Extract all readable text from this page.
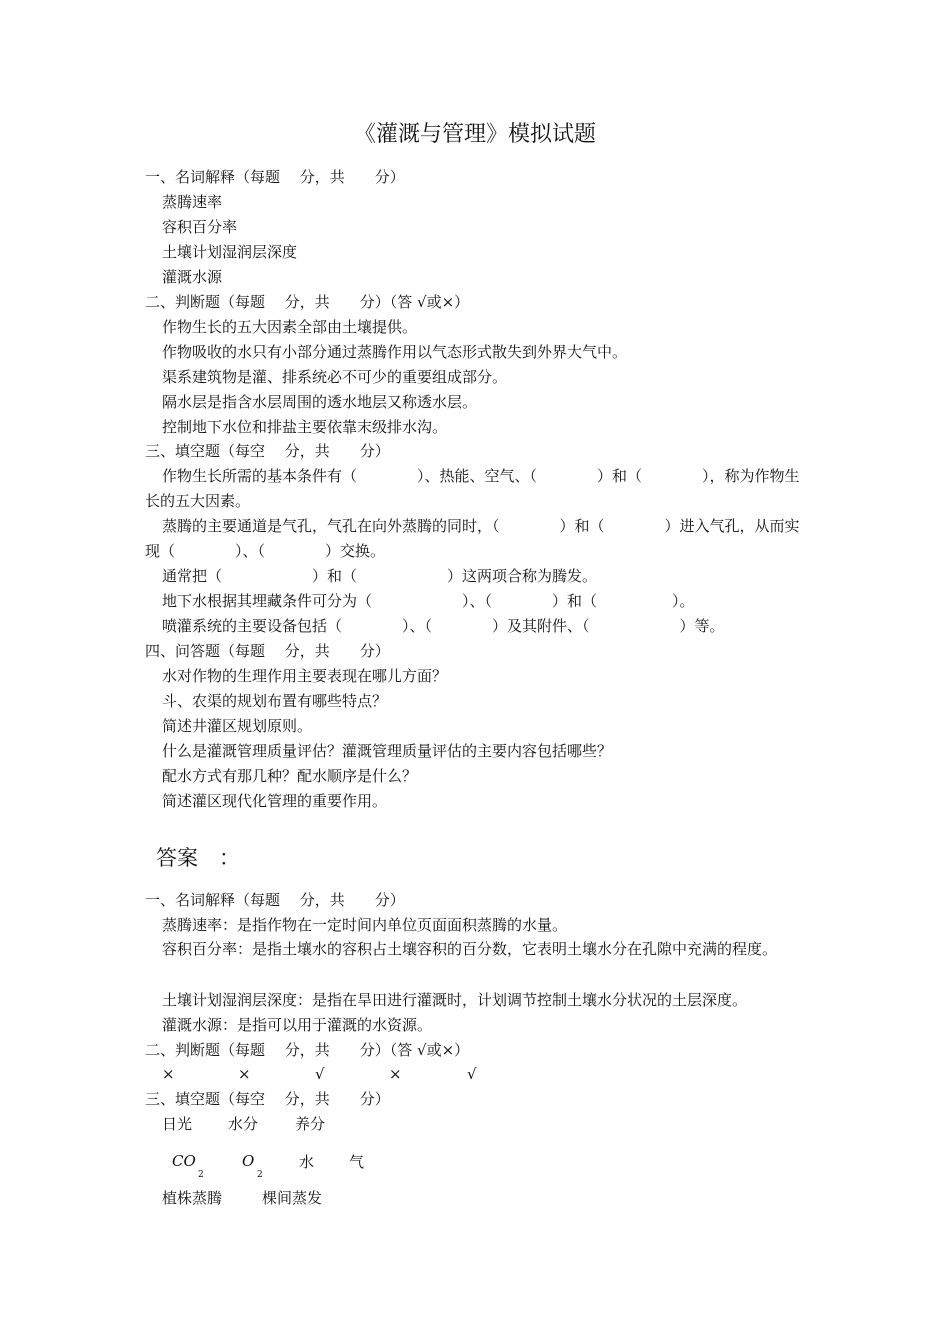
《灌溉与管理》模拟试题
一、名词解释（每题　 分，共　　分）
蒸腾速率
容积百分率
土壤计划湿润层深度
灌溉水源
二、判断题（每题　 分，共　　分）（答 √或×）
作物生长的五大因素全部由土壤提供。
作物吸收的水只有小部分通过蒸腾作用以气态形式散失到外界大气中。
渠系建筑物是灌、排系统必不可少的重要组成部分。
隔水层是指含水层周围的透水地层又称透水层。
控制地下水位和排盐主要依靠末级排水沟。
三、填空题（每空　 分，共　　分）
作物生长所需的基本条件有（　　　　）、热能、空气、（　　　　）和（　　　　），称为作物生长的五大因素。
蒸腾的主要通道是气孔，气孔在向外蒸腾的同时，（　　　　）和（　　　　）进入气孔，从而实现（　　　　）、（　　　　）交换。
通常把（　　　　　　）和（　　　　　　）这两项合称为腾发。
地下水根据其埋藏条件可分为（　　　　　　）、（　　　　）和（　　　　　）。
喷灌系统的主要设备包括（　　　　）、（　　　　）及其附件、（　　　　　　）等。
四、问答题（每题　 分，共　　分）
水对作物的生理作用主要表现在哪儿方面？
斗、农渠的规划布置有哪些特点？
简述井灌区规划原则。
什么是灌溉管理质量评估？灌溉管理质量评估的主要内容包括哪些？
配水方式有那几种？配水顺序是什么？
简述灌区现代化管理的重要作用。
答案　：
一、名词解释（每题　 分，共　　分）
蒸腾速率：是指作物在一定时间内单位页面面积蒸腾的水量。
容积百分率：是指土壤水的容积占土壤容积的百分数，它表明土壤水分在孔隙中充满的程度。
土壤计划湿润层深度：是指在旱田进行灌溉时，计划调节控制土壤水分状况的土层深度。
灌溉水源：是指可以用于灌溉的水资源。
二、判断题（每题　 分，共　　分）（答 √或×）
×	×	√	×	√
三、填空题（每空　 分，共　　分）
日光 水分 养分
CO
2
O
2
水 气
植株蒸腾	棵间蒸发
